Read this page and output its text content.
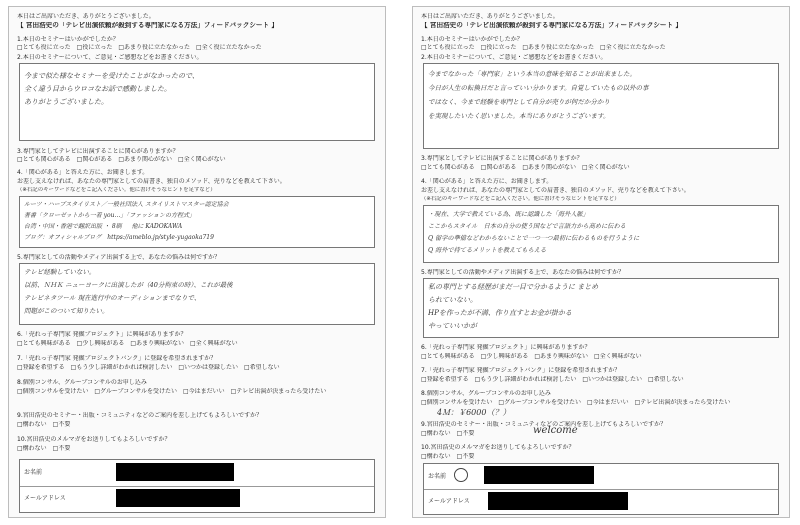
本日はご出席いただき、ありがとうございました。
【 宮田浩史の「テレビ出演依頼が殺到する専門家になる方法」フィードバックシート 】
1.本日のセミナーはいかがでしたか？
□とても役に立った □役に立った □あまり役に立たなかった □全く役に立たなかった
2.本日のセミナーについて、ご意見・ご感想などをお書きください。
今まで似た様なセミナーを受けたことがなかったので、
全く違う目からウロコなお話で感動しました。
ありがとうございました。
3.専門家としてテレビに出演することに関心がありますか？
□とても関心がある □関心がある □あまり関心がない □全く関心がない
4.「関心がある」と答えた方に、お聞きします。
お差し支えなければ、あなたの専門家としての肩書き、独自のメソッド、売りなどを教えて下さい。
（※右記のキーワードなどをご記入ください。他に書けそうなヒントを足すなど）
ルーツ・ハーブスタイリスト／一般社団法人 スタイリストマスター認定協会
著書「クローゼットから一着 you...」「ファッションの方程式」
台湾・中国・香港で翻訳出版 ・ 8刷 　 他に KADOKAWA
ブログ：オフィシャルブログ　https://ameblo.jp/style-yugaoka719
5.専門家としての活動やメディア出演する上で、あなたの悩みは何ですか？
テレビ経験していない。
以前、ＮＨＫ ニューヨークに出演したが（40分拘束の時）、これが最後
テレビネタツール 現在進行中のオーディションまでなりで、
問題がこのついて知りたい。
6.「売れっ子専門家 発掘プロジェクト」に興味がありますか？
□とても興味がある □少し興味がある □あまり興味がない □全く興味がない
7.「売れっ子専門家 発掘プロジェクトバンク」に登録を希望されますか？
□登録を希望する □もう少し詳細がわかれば検討したい □いつかは登録したい □希望しない
8.個別コンサル、グループコンサルのお申し込み
□個別コンサルを受けたい □グループコンサルを受けたい □今はまだいい □テレビ出演が決まったら受けたい
9.宮田浩史のセミナー・出版・コミュニティなどのご案内を差し上げてもよろしいですか？
□構わない □不要
10.宮田浩史のメルマガをお送りしてもよろしいですか？
□構わない □不要
お名前
メールアドレス
本日はご出席いただき、ありがとうございました。
【 宮田浩史の「テレビ出演依頼が殺到する専門家になる方法」フィードバックシート 】
1.本日のセミナーはいかがでしたか？
□とても役に立った □役に立った □あまり役に立たなかった □全く役に立たなかった
2.本日のセミナーについて、ご意見・ご感想などをお書きください。
今までなかった「専門家」という本当の意味を知ることが出来ました。
今日が人生の転換日だと言っていい分かります。自覚していたもの以外の事
ではなく、今まで経験を専門として自分が売りが何だか分かり
を実現したいたく思いました。本当にありがとうございます。
3.専門家としてテレビに出演することに関心がありますか？
□とても関心がある □関心がある □あまり関心がない □全く関心がない
4.「関心がある」と答えた方に、お聞きします。
お差し支えなければ、あなたの専門家としての肩書き、独自のメソッド、売りなどを教えて下さい。
（※右記のキーワードなどをご記入ください。他に書けそうなヒントを足すなど）
・現在、大学で教えている為、既に認識した「海外人脈」
ここからスタイル　日本の自分の使う国などで言語力から高めに伝わる
Q 留学の準備などわからないことで一つ一つ最初に伝わるものを行うように
Q 海外で持てるメリットを教えてもらえる
5.専門家としての活動やメディア出演する上で、あなたの悩みは何ですか？
私の専門とする経歴がまだ一目で分かるように まとめ
られていない。
HPを作ったが不満、作り直すとお金が掛かる
やっていいかが
6.「売れっ子専門家 発掘プロジェクト」に興味がありますか？
□とても興味がある □少し興味がある □あまり興味がない □全く興味がない
7.「売れっ子専門家 発掘プロジェクトバンク」に登録を希望されますか？
□登録を希望する □もう少し詳細がわかれば検討したい □いつかは登録したい □希望しない
8.個別コンサル、グループコンサルのお申し込み
□個別コンサルを受けたい □グループコンサルを受けたい □今はまだいい □テレビ出演が決まったら受けたい
4Ｍ：￥6000（？）
9.宮田浩史のセミナー・出版・コミュニティなどのご案内を差し上げてもよろしいですか？
□構わない □不要	welcome
10.宮田浩史のメルマガをお送りしてもよろしいですか？
□構わない □不要
お名前
メールアドレス
